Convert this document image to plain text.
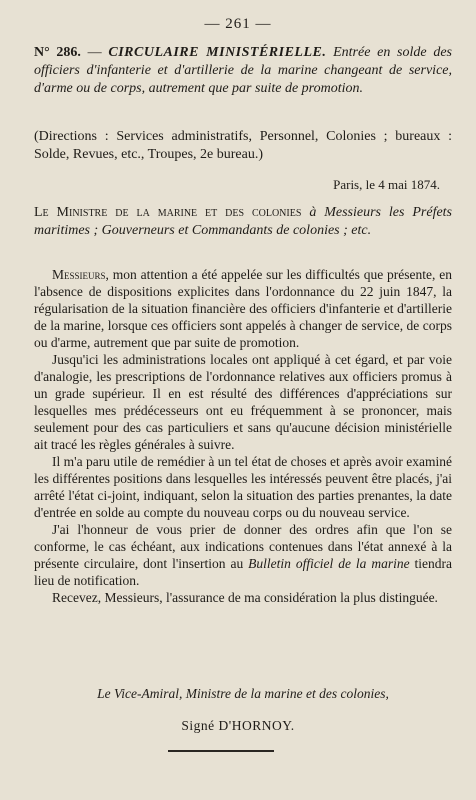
— 261 —
N° 286. — CIRCULAIRE MINISTÉRIELLE. Entrée en solde des officiers d'infanterie et d'artillerie de la marine changeant de service, d'arme ou de corps, autrement que par suite de promotion.
(Directions : Services administratifs, Personnel, Colonies ; bureaux : Solde, Revues, etc., Troupes, 2e bureau.)
Paris, le 4 mai 1874.
Le Ministre de la marine et des colonies à Messieurs les Préfets maritimes ; Gouverneurs et Commandants de colonies ; etc.

Messieurs, mon attention a été appelée sur les difficultés que présente, en l'absence de dispositions explicites dans l'ordonnance du 22 juin 1847, la régularisation de la situation financière des officiers d'infanterie et d'artillerie de la marine, lorsque ces officiers sont appelés à changer de service, de corps ou d'arme, autrement que par suite de promotion.

Jusqu'ici les administrations locales ont appliqué à cet égard, et par voie d'analogie, les prescriptions de l'ordonnance relatives aux officiers promus à un grade supérieur. Il en est résulté des différences d'appréciations sur lesquelles mes prédécesseurs ont eu fréquemment à se prononcer, mais seulement pour des cas particuliers et sans qu'aucune décision ministérielle ait tracé les règles générales à suivre.

Il m'a paru utile de remédier à un tel état de choses et après avoir examiné les différentes positions dans lesquelles les intéressés peuvent être placés, j'ai arrêté l'état ci-joint, indiquant, selon la situation des parties prenantes, la date d'entrée en solde au compte du nouveau corps ou du nouveau service.

J'ai l'honneur de vous prier de donner des ordres afin que l'on se conforme, le cas échéant, aux indications contenues dans l'état annexé à la présente circulaire, dont l'insertion au Bulletin officiel de la marine tiendra lieu de notification.

Recevez, Messieurs, l'assurance de ma considération la plus distinguée.

Le Vice-Amiral, Ministre de la marine et des colonies,
Signé D'HORNOY.
